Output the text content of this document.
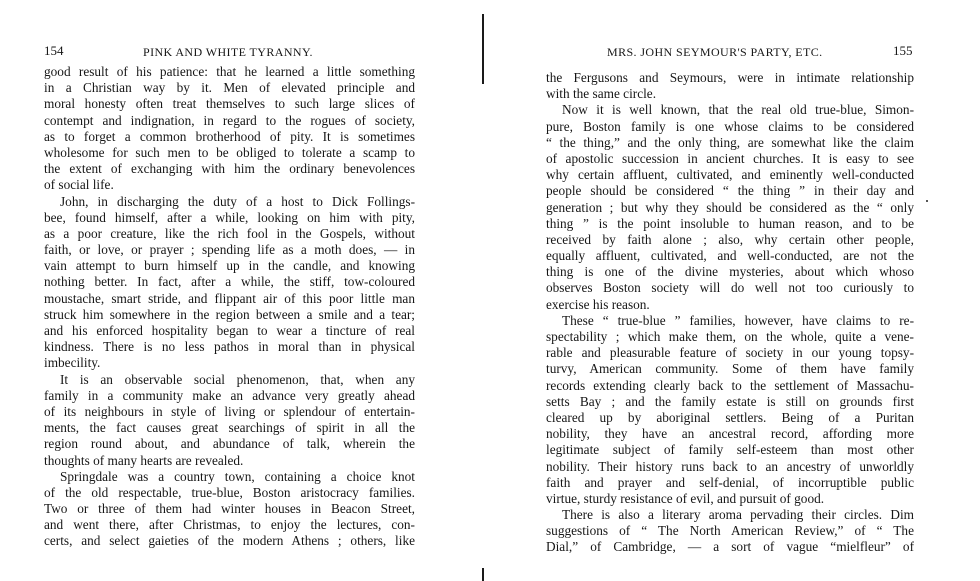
154	PINK AND WHITE TYRANNY.
good result of his patience: that he learned a little something
in a Christian way by it. Men of elevated principle and
moral honesty often treat themselves to such large slices of
contempt and indignation, in regard to the rogues of society,
as to forget a common brotherhood of pity. It is sometimes
wholesome for such men to be obliged to tolerate a scamp to
the extent of exchanging with him the ordinary benevolences
of social life.
John, in discharging the duty of a host to Dick Follings-
bee, found himself, after a while, looking on him with pity,
as a poor creature, like the rich fool in the Gospels, without
faith, or love, or prayer ; spending life as a moth does, — in
vain attempt to burn himself up in the candle, and knowing
nothing better. In fact, after a while, the stiff, tow-coloured
moustache, smart stride, and flippant air of this poor little man
struck him somewhere in the region between a smile and a tear;
and his enforced hospitality began to wear a tincture of real
kindness. There is no less pathos in moral than in physical
imbecility.
It is an observable social phenomenon, that, when any
family in a community make an advance very greatly ahead
of its neighbours in style of living or splendour of entertain-
ments, the fact causes great searchings of spirit in all the
region round about, and abundance of talk, wherein the
thoughts of many hearts are revealed.
Springdale was a country town, containing a choice knot
of the old respectable, true-blue, Boston aristocracy families.
Two or three of them had winter houses in Beacon Street,
and went there, after Christmas, to enjoy the lectures, con-
certs, and select gaieties of the modern Athens ; others, like
MRS. JOHN SEYMOUR'S PARTY, ETC.	155
the Fergusons and Seymours, were in intimate relationship
with the same circle.
Now it is well known, that the real old true-blue, Simon-
pure, Boston family is one whose claims to be considered
“ the thing,” and the only thing, are somewhat like the claim
of apostolic succession in ancient churches. It is easy to see
why certain affluent, cultivated, and eminently well-conducted
people should be considered “ the thing ” in their day and
generation ; but why they should be considered as the “ only
thing ” is the point insoluble to human reason, and to be
received by faith alone ; also, why certain other people,
equally affluent, cultivated, and well-conducted, are not the
thing is one of the divine mysteries, about which whoso
observes Boston society will do well not too curiously to
exercise his reason.
These “ true-blue ” families, however, have claims to re-
spectability ; which make them, on the whole, quite a vene-
rable and pleasurable feature of society in our young topsy-
turvy, American community. Some of them have family
records extending clearly back to the settlement of Massachu-
setts Bay ; and the family estate is still on grounds first
cleared up by aboriginal settlers. Being of a Puritan
nobility, they have an ancestral record, affording more
legitimate subject of family self-esteem than most other
nobility. Their history runs back to an ancestry of unworldly
faith and prayer and self-denial, of incorruptible public
virtue, sturdy resistance of evil, and pursuit of good.
There is also a literary aroma pervading their circles. Dim
suggestions of “ The North American Review,” of “ The
Dial,” of Cambridge, — a sort of vague “mielfleur” of
